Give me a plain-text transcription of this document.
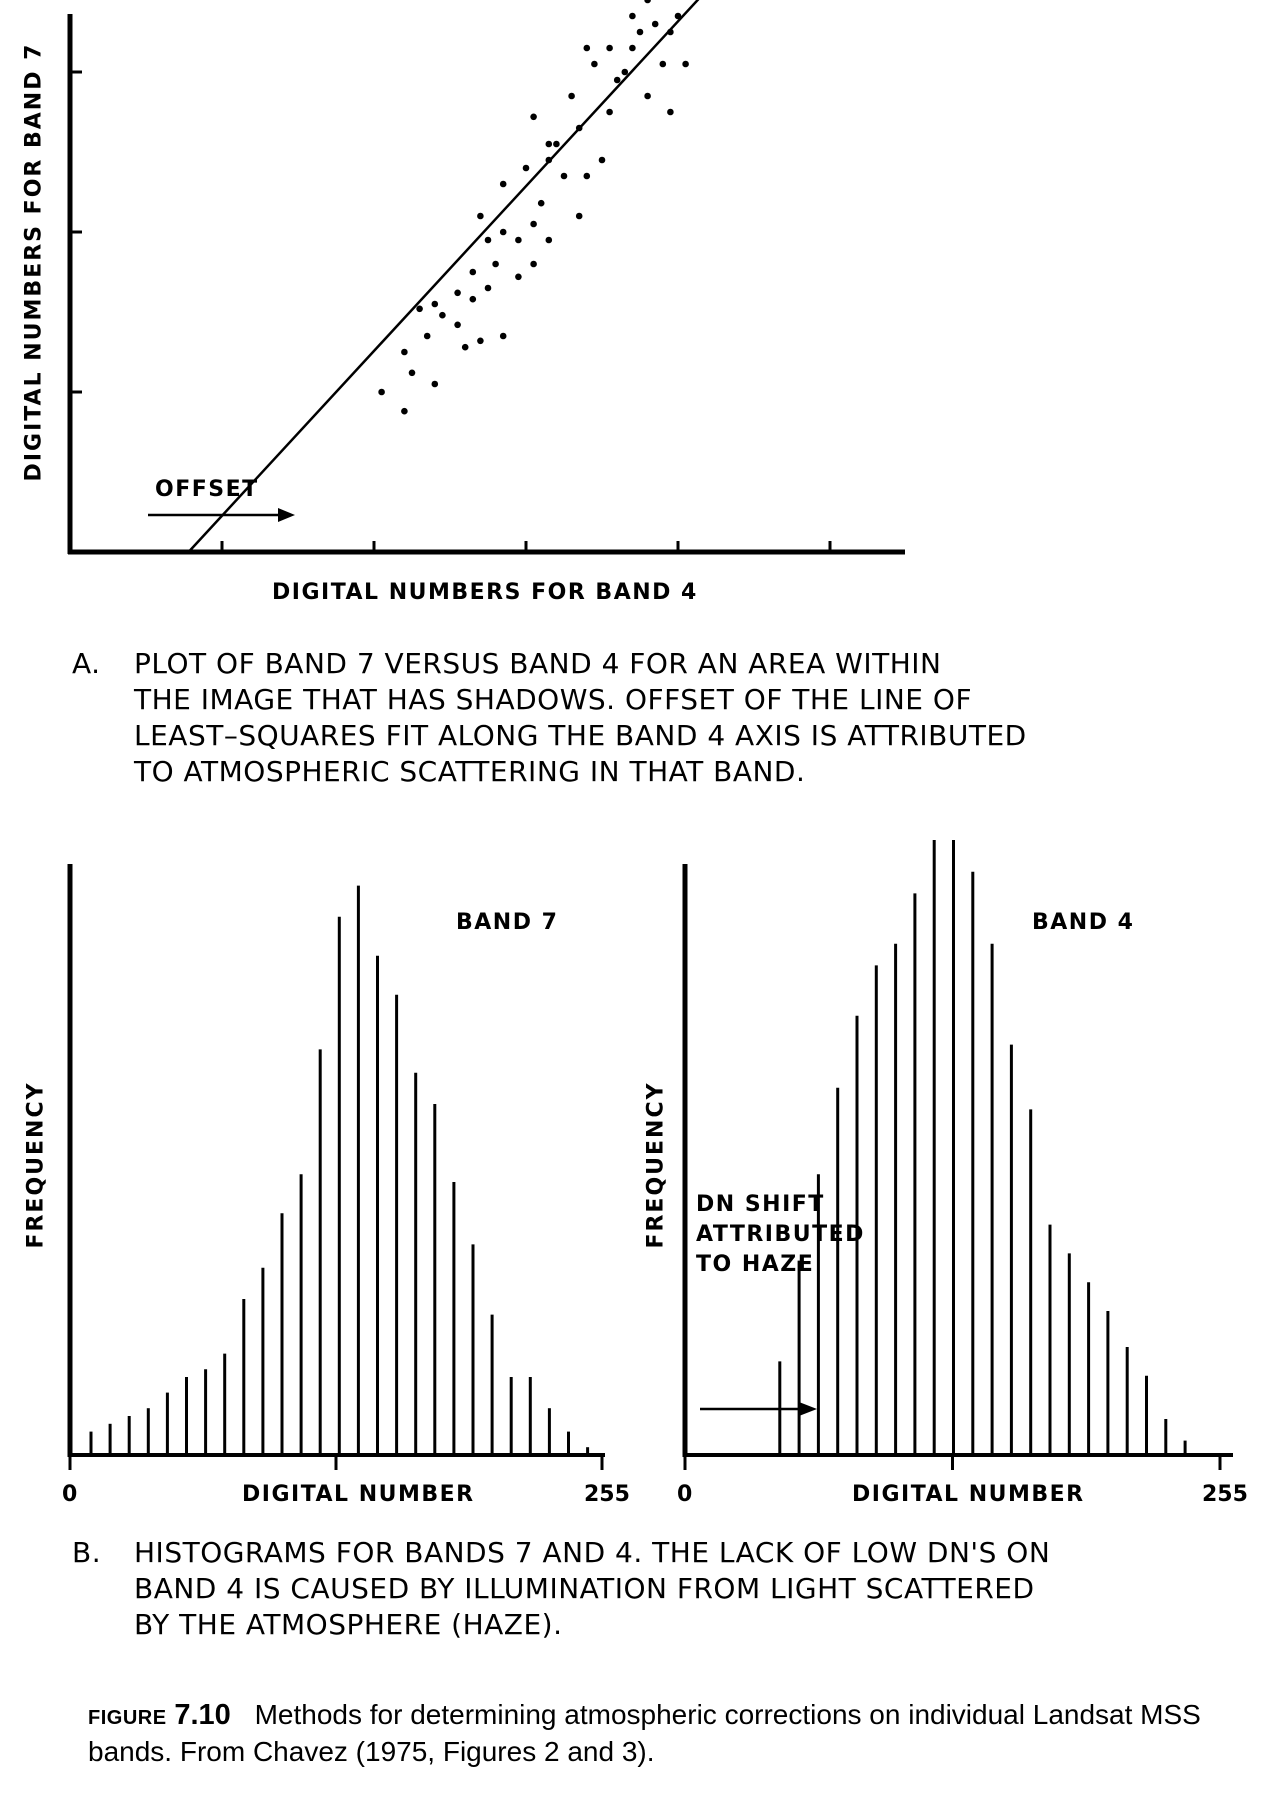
DIGITAL NUMBERS FOR BAND 7
OFFSET
DIGITAL NUMBERS FOR BAND 4
A. PLOT OF BAND 7 VERSUS BAND 4 FOR AN AREA WITHIN
THE IMAGE THAT HAS SHADOWS. OFFSET OF THE LINE OF
LEAST–SQUARES FIT ALONG THE BAND 4 AXIS IS ATTRIBUTED
TO ATMOSPHERIC SCATTERING IN THAT BAND.
FREQUENCY
BAND 7
0	DIGITAL NUMBER	255
FREQUENCY
BAND 4
DN SHIFT
ATTRIBUTED
TO HAZE
0	DIGITAL NUMBER	255
B. HISTOGRAMS FOR BANDS 7 AND 4. THE LACK OF LOW DN'S ON
BAND 4 IS CAUSED BY ILLUMINATION FROM LIGHT SCATTERED
BY THE ATMOSPHERE (HAZE).
FIGURE 7.10 Methods for determining atmospheric corrections on individual Landsat MSS bands. From Chavez (1975, Figures 2 and 3).
